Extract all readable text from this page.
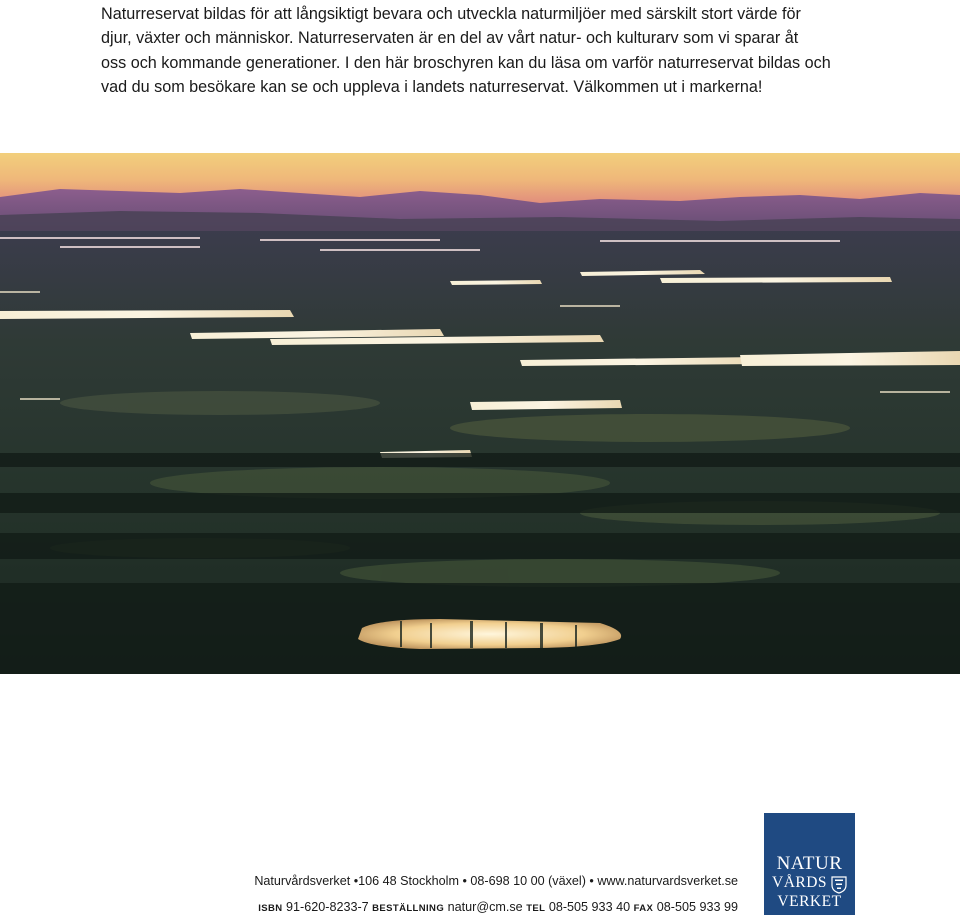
Naturreservat bildas för att långsiktigt bevara och utveckla naturmiljöer med särskilt stort värde för
djur, växter och människor. Naturreservaten är en del av vårt natur- och kulturarv som vi sparar åt
oss och kommande generationer. I den här broschyren kan du läsa om varför naturreservat bildas och
vad du som besökare kan se och uppleva i landets naturreservat. Välkommen ut i markerna!
Naturvårdsverket •106 48 Stockholm • 08-698 10 00 (växel) • www.naturvardsverket.se
ISBN 91-620-8233-7 BESTÄLLNING natur@cm.se TEL 08-505 933 40 FAX 08-505 933 99
NATUR
VÅRDS
VERKET
